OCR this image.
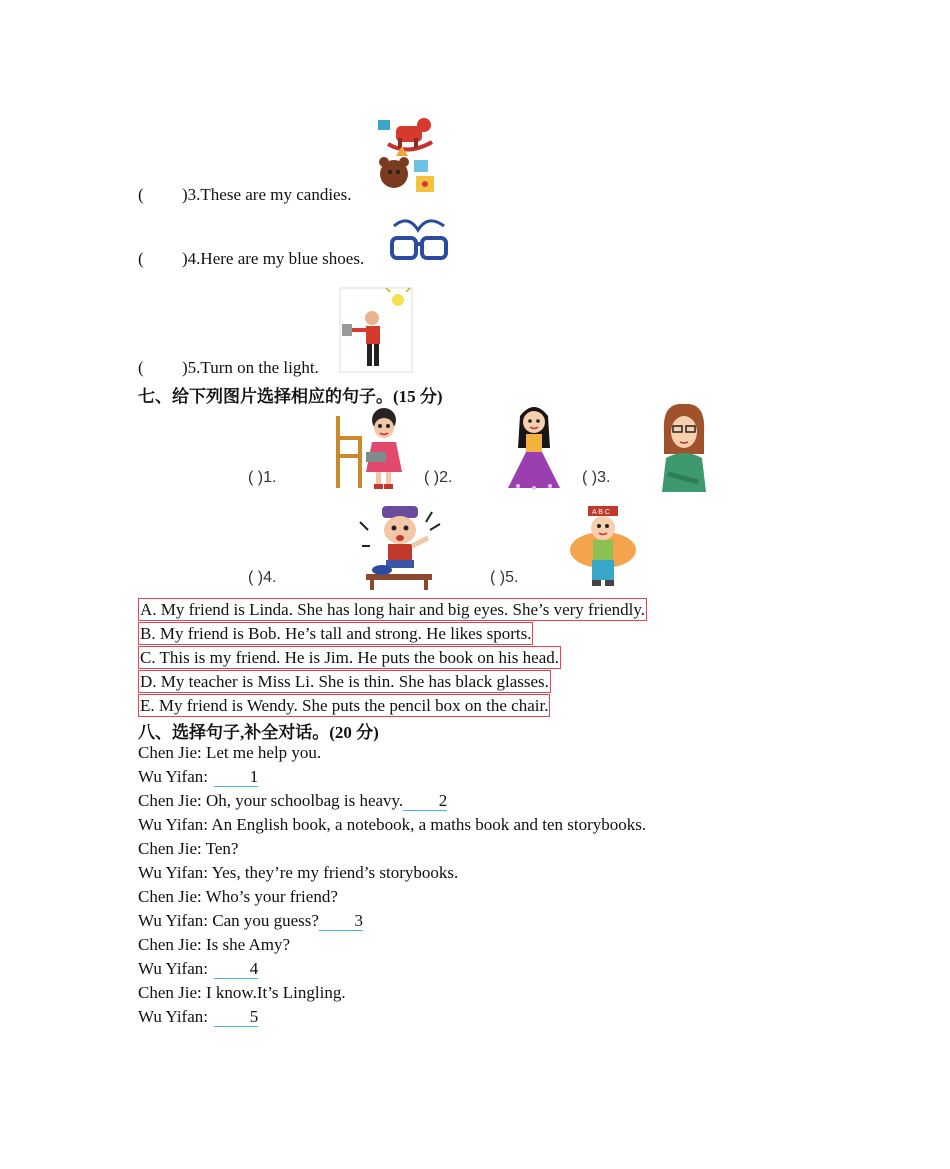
( )3.These are my candies.
( )4.Here are my blue shoes.
( )5.Turn on the light.
七、给下列图片选择相应的句子。(15 分)
( )1.	( )2.	( )3.
( )4.	( )5.
A B C
A. My friend is Linda. She has long hair and big eyes. She’s very friendly.
B. My friend is Bob. He’s tall and strong. He likes sports.
C. This is my friend. He is Jim. He puts the book on his head.
D. My teacher is Miss Li. She is thin. She has black glasses.
E. My friend is Wendy. She puts the pencil box on the chair.
八、选择句子,补全对话。(20 分)
Chen Jie: Let me help you.
Wu Yifan: 1
Chen Jie: Oh, your schoolbag is heavy. 2
Wu Yifan: An English book, a notebook, a maths book and ten storybooks.
Chen Jie: Ten?
Wu Yifan: Yes, they’re my friend’s storybooks.
Chen Jie: Who’s your friend?
Wu Yifan: Can you guess? 3
Chen Jie: Is she Amy?
Wu Yifan: 4
Chen Jie: I know.It’s Lingling.
Wu Yifan: 5
